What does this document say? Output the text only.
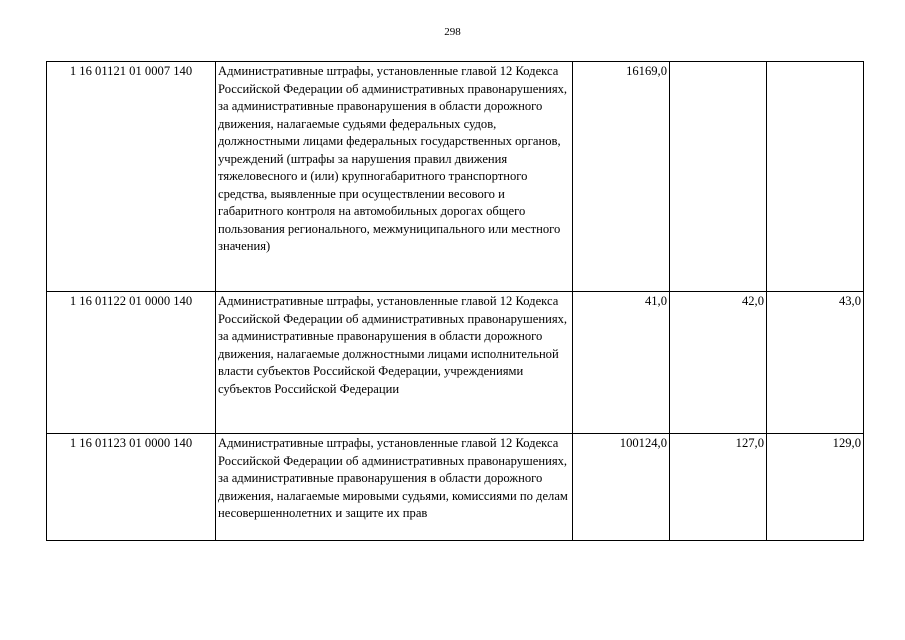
298
1 16 01121 01 0007 140	Административные штрафы, установленные главой 12 Кодекса Российской Федерации об административных правонарушениях, за административные правонарушения в области дорожного движения, налагаемые судьями федеральных судов, должностными лицами федеральных государственных органов, учреждений (штрафы за нарушения правил движения тяжеловесного и (или) крупногабаритного транспортного средства, выявленные при осуществлении весового и габаритного контроля на автомобильных дорогах общего пользования регионального, межмуниципального или местного значения)	16169,0		
1 16 01122 01 0000 140	Административные штрафы, установленные главой 12 Кодекса Российской Федерации об административных правонарушениях, за административные правонарушения в области дорожного движения, налагаемые должностными лицами исполнительной власти субъектов Российской Федерации, учреждениями субъектов Российской Федерации	41,0	42,0	43,0
1 16 01123 01 0000 140	Административные штрафы, установленные главой 12 Кодекса Российской Федерации об административных правонарушениях, за административные правонарушения в области дорожного движения, налагаемые мировыми судьями, комиссиями по делам несовершеннолетних и защите их прав	100124,0	127,0	129,0
